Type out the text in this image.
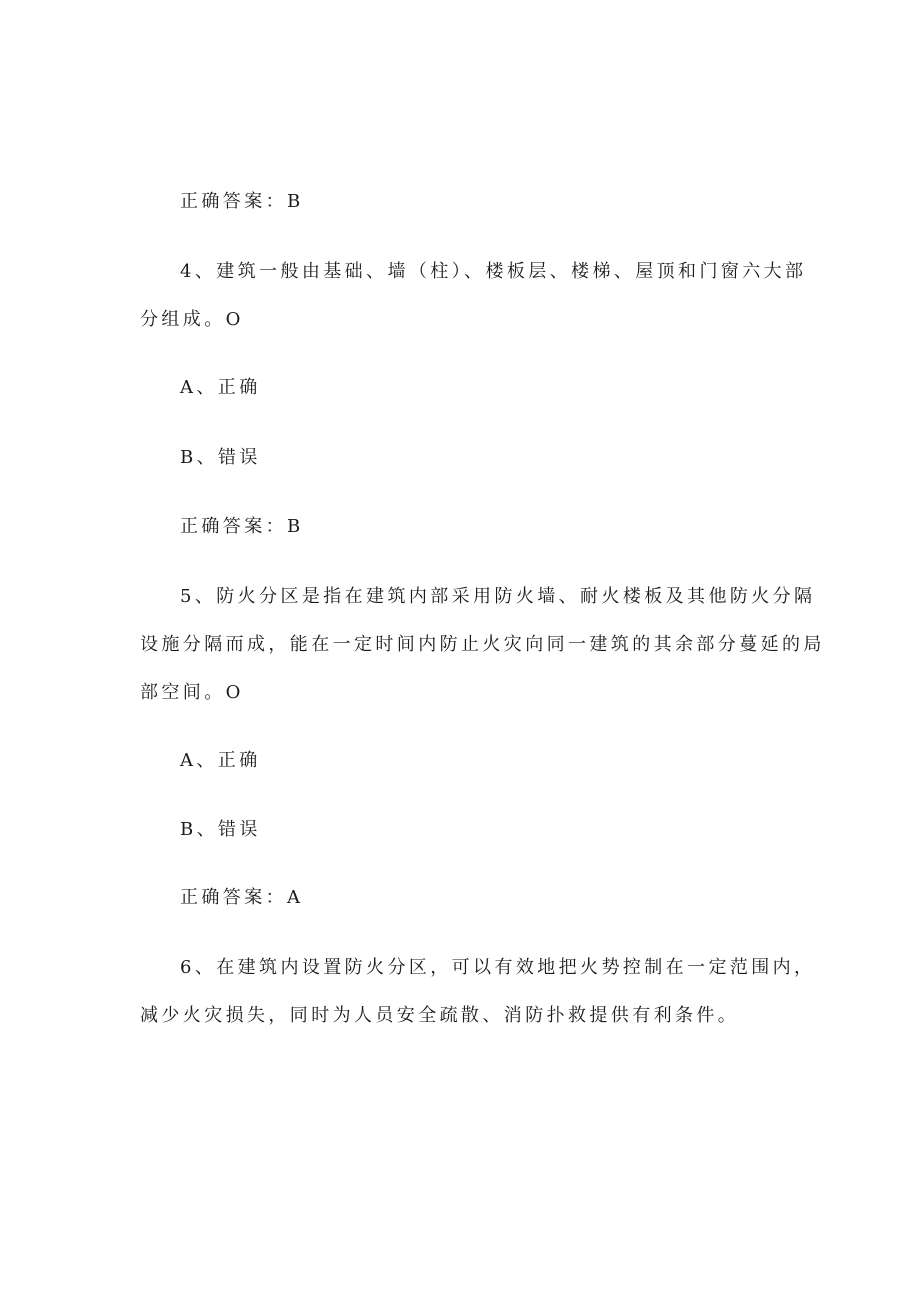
正确答案：B

4、建筑一般由基础、墙（柱）、楼板层、楼梯、屋顶和门窗六大部

分组成。O

A、正确

B、错误

正确答案：B

5、防火分区是指在建筑内部采用防火墙、耐火楼板及其他防火分隔

设施分隔而成，能在一定时间内防止火灾向同一建筑的其余部分蔓延的局

部空间。O

A、正确

B、错误

正确答案：A

6、在建筑内设置防火分区，可以有效地把火势控制在一定范围内，

减少火灾损失，同时为人员安全疏散、消防扑救提供有利条件。
